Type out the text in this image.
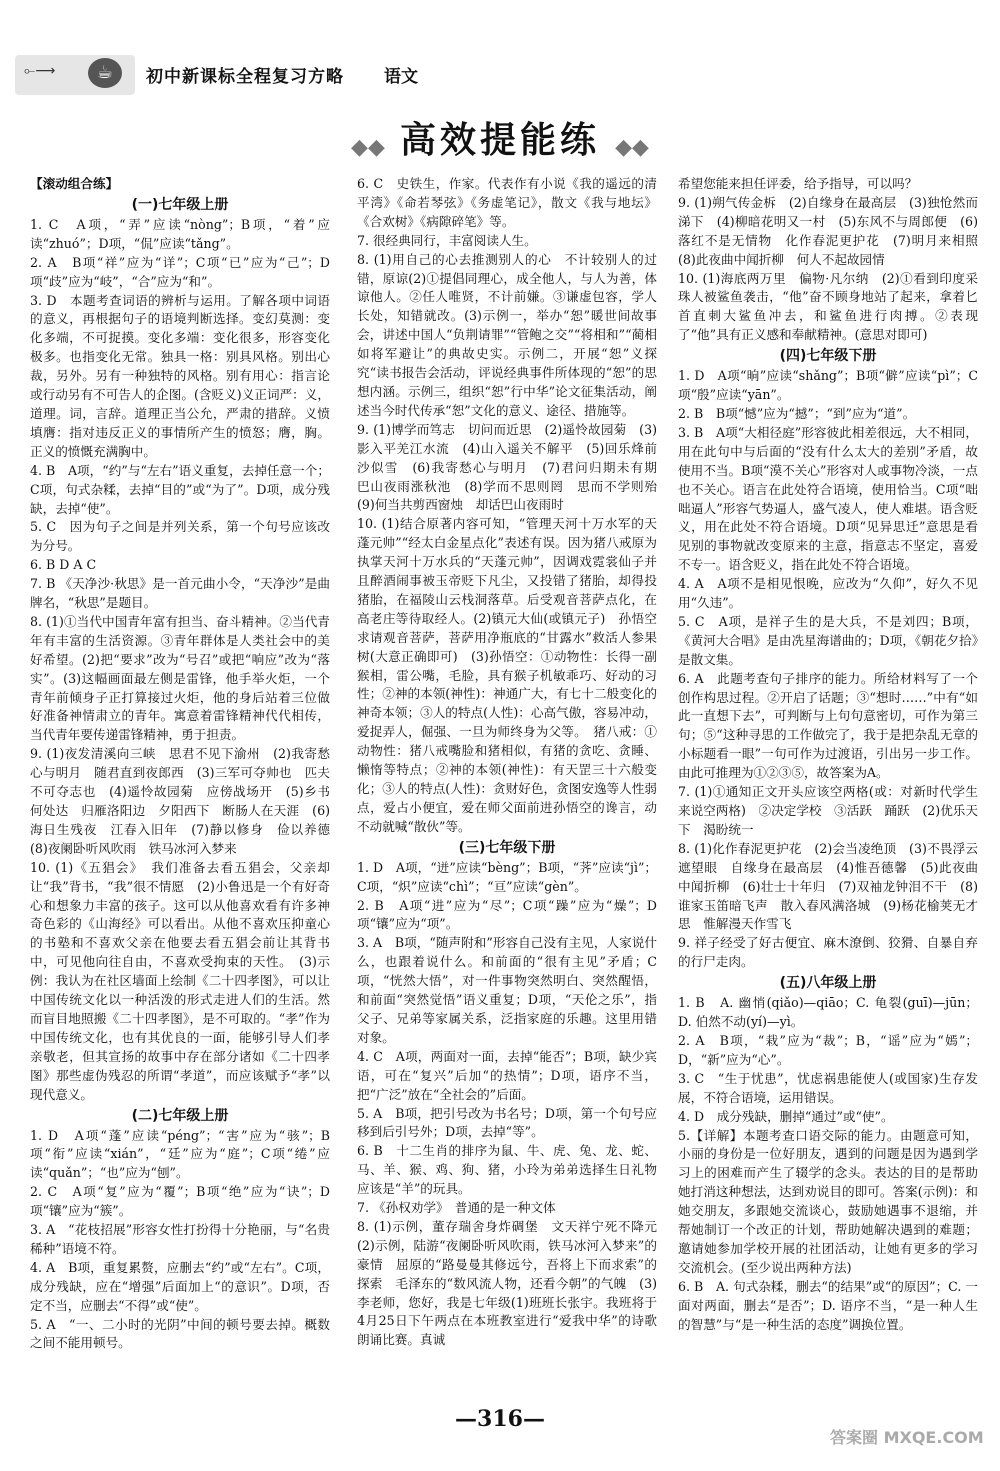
⟜⟶	☕	初中新课标全程复习方略 语文
◆◆ 高效提能练 ◆◆
【滚动组合练】
(一)七年级上册

1. C　A项，“弄”应读“nòng”；B项，“着”应读“zhuó”；D项，“侃”应读“tǎng”。

2. A　B项“祥”应为“详”；C项“已”应为“己”；D项“歧”应为“岐”，“合”应为“和”。

3. D　本题考查词语的辨析与运用。了解各项中词语的意义，再根据句子的语境判断选择。变幻莫测：变化多端，不可捉摸。变化多端：变化很多，形容变化极多。也指变化无常。独具一格：别具风格。别出心裁，另外。另有一种独特的风格。别有用心：指言论或行动另有不可告人的企图。(含贬义)义正词严：义，道理。词，言辞。道理正当公允，严肃的措辞。义愤填膺：指对违反正义的事情所产生的愤怒；膺，胸。正义的愤慨充满胸中。

4. B　A项，“约”与“左右”语义重复，去掉任意一个；C项，句式杂糅，去掉“目的”或“为了”。D项，成分残缺，去掉“使”。

5. C　因为句子之间是并列关系，第一个句号应该改为分号。

6. B D A C

7. B 《天净沙·秋思》是一首元曲小令，“天净沙”是曲牌名，“秋思”是题目。

8. (1)①当代中国青年富有担当、奋斗精神。②当代青年有丰富的生活资源。③青年群体是人类社会中的美好希望。(2)把“要求”改为“号召”或把“响应”改为“落实”。(3)这幅画面最左侧是雷锋，他手举火炬，一个青年前倾身子正打算接过火炬，他的身后站着三位做好准备神情肃立的青年。寓意着雷锋精神代代相传，当代青年要传递雷锋精神，勇于担责。

9. (1)夜发清溪向三峡　思君不见下渝州　(2)我寄愁心与明月　随君直到夜郎西　(3)三军可夺帅也　匹夫不可夺志也　(4)遥怜故园菊　应傍战场开　(5)乡书何处达　归雁洛阳边　夕阳西下　断肠人在天涯　(6)海日生残夜　江春入旧年　(7)静以修身　俭以养德　(8)夜阑卧听风吹雨　铁马冰河入梦来

10. (1)《五猖会》　我们准备去看五猖会，父亲却让“我”背书，“我”很不情愿　(2)小鲁迅是一个有好奇心和想象力丰富的孩子。这可以从他喜欢看有许多神奇色彩的《山海经》可以看出。从他不喜欢压抑童心的书塾和不喜欢父亲在他要去看五猖会前让其背书中，可见他向往自由，不喜欢受拘束的天性。　(3)示例：我认为在社区墙面上绘制《二十四孝图》，可以让中国传统文化以一种活泼的形式走进人们的生活。然而盲目地照搬《二十四孝图》，是不可取的。“孝”作为中国传统文化，也有其优良的一面，能够引导人们孝亲敬老，但其宣扬的故事中存在部分诸如《二十四孝图》那些虚伪残忍的所谓“孝道”，而应该赋予“孝”以现代意义。

(二)七年级上册

1. D　A项“蓬”应读“péng”；“害”应为“骇”；B项“衔”应读“xián”，“廷”应为“庭”；C项“绻”应读“quǎn”；“也”应为“刨”。

2. C　A项“复”应为“覆”；B项“绝”应为“诀”；D项“镶”应为“簇”。

3. A　“花枝招展”形容女性打扮得十分艳丽，与“名贵稀种”语境不符。

4. A　B项，重复累赘，应删去“约”或“左右”。C项，成分残缺，应在“增强”后面加上“的意识”。D项，否定不当，应删去“不得”或“使”。

5. A　“一、二小时的光阴”中间的顿号要去掉。概数之间不能用顿号。

6. C　史铁生，作家。代表作有小说《我的遥远的清平湾》《命若琴弦》《务虚笔记》，散文《我与地坛》《合欢树》《病隙碎笔》等。

7. 很经典同行，丰富阅读人生。

8. (1)用自己的心去推测别人的心　不计较别人的过错，原谅(2)①提倡同理心，成全他人，与人为善，体谅他人。②任人唯贤，不计前嫌。③谦虚包容，学人长处，知错就改。(3)示例一，举办“恕”暖世间故事会，讲述中国人“负荆请罪”“管鲍之交”“将相和”“蔺相如将军避让”的典故史实。示例二，开展“恕”义探究“读书报告会活动，评说经典事件所体现的“恕”的思想内涵。示例三，组织“恕”行中华”论文征集活动，阐述当今时代传承“恕”文化的意义、途径、措施等。

9. (1)博学而笃志　切问而近思　(2)遥怜故园菊　(3)影入平羌江水流　(4)山入遥关不解平　(5)回乐烽前沙似雪　(6)我寄愁心与明月　(7)君问归期未有期　巴山夜雨涨秋池　(8)学而不思则罔　思而不学则殆　(9)何当共剪西窗烛　却话巴山夜雨时

10. (1)结合原著内容可知，“管理天河十万水军的天蓬元帅”“经太白金星点化”表述有误。因为猪八戒原为执掌天河十万水兵的“天蓬元帅”，因调戏霓裳仙子并且醉酒闹事被玉帝贬下凡尘，又投错了猪胎，却得投猪胎，在福陵山云栈洞落草。后受观音菩萨点化，在高老庄等待取经人。(2)镇元大仙(或镇元子)　孙悟空求请观音菩萨，菩萨用净瓶底的“甘露水”救活人参果树(大意正确即可)　(3)孙悟空：①动物性：长得一副猴相，雷公嘴，毛脸，具有猴子机敏乖巧、好动的习性；②神的本领(神性)：神通广大，有七十二般变化的神奇本领；③人的特点(人性)：心高气傲，容易冲动，爱捉弄人，倔强、一旦为师终身为父等。　猪八戒：①动物性：猪八戒嘴脸和猪相似，有猪的贪吃、贪睡、懒惰等特点；②神的本领(神性)：有天罡三十六般变化；③人的特点(人性)：贪财好色，贪图安逸等人性弱点，爱占小便宜，爱在师父面前进孙悟空的谗言，动不动就喊“散伙”等。

(三)七年级下册

1. D　A项，“迸”应读“bèng”；B项，“荠”应读“jì”；C项，“炽”应读“chì”；“亘”应读“gèn”。

2. B　A项“进”应为“尽”；C项“躁”应为“燥”；D项“镶”应为“项”。

3. A　B项，“随声附和”形容自己没有主见，人家说什么，也跟着说什么。和前面的“很有主见”矛盾；C项，“恍然大悟”，对一件事物突然明白、突然醒悟，和前面“突然觉悟”语义重复；D项，“天伦之乐”，指父子、兄弟等家属关系，泛指家庭的乐趣。这里用错对象。

4. C　A项，两面对一面，去掉“能否”；B项，缺少宾语，可在“复兴”后加“的热情”；D项，语序不当，把“广泛”放在“全社会的”后面。

5. A　B项，把引号改为书名号；D项，第一个句号应移到后引号外；D项，去掉“等”。

6. B　十二生肖的排序为鼠、牛、虎、兔、龙、蛇、马、羊、猴、鸡、狗、猪，小玲为弟弟选择生日礼物应该是“羊”的玩具。

7. 《孙权劝学》　普通的是一种文体

8. (1)示例，董存瑞舍身炸碉堡　文天祥宁死不降元　(2)示例，陆游“夜阑卧听风吹雨，铁马冰河入梦来”的豪情　屈原的“路曼曼其修远兮，吾将上下而求索”的探索　毛泽东的“数风流人物，还看今朝”的气魄　(3)李老师，您好，我是七年级(1)班班长张宇。我班将于4月25日下午两点在本班教室进行“爱我中华”的诗歌朗诵比赛。真诚

希望您能来担任评委，给予指导，可以吗？

9. (1)朔气传金柝　(2)自缘身在最高层　(3)独怆然而涕下　(4)柳暗花明又一村　(5)东风不与周郎便　(6)落红不是无情物　化作春泥更护花　(7)明月来相照　(8)此夜曲中闻折柳　何人不起故园情

10. (1)海底两万里　偏物·凡尔纳　(2)①看到印度采珠人被鲨鱼袭击，“他”奋不顾身地站了起来，拿着匕首直刺大鲨鱼冲去，和鲨鱼进行肉搏。②表现了“他”具有正义感和奉献精神。(意思对即可)

(四)七年级下册

1. D　A项“晌”应读“shǎng”；B项“僻”应读“pì”；C项“殷”应读“yān”。

2. B　B项“憾”应为“撼”；“到”应为“道”。

3. B　A项“大相径庭”形容彼此相差很远，大不相同，用在此句中与后面的“没有什么太大的差别”矛盾，故使用不当。B项“漠不关心”形容对人或事物冷淡，一点也不关心。语言在此处符合语境，使用恰当。C项“咄咄逼人”形容气势逼人，盛气凌人，使人难堪。语含贬义，用在此处不符合语境。D项“见异思迁”意思是看见别的事物就改变原来的主意，指意志不坚定，喜爱不专一。语含贬义，指在此处不符合语境。

4. A　A项不是相见恨晚，应改为“久仰”，好久不见用“久违”。

5. C　A项，是祥子生的是大兵，不是刘四；B项，《黄河大合唱》是由冼星海谱曲的；D项，《朝花夕拾》是散文集。

6. A　此题考查句子排序的能力。所给材料写了一个创作构思过程。②开启了话题；③“想时……”中有“如此一直想下去”，可判断与上句句意密切，可作为第三句；⑤“这种寻思的工作做完了，我于是把杂乱无章的小标题看一眼”一句可作为过渡语，引出另一步工作。由此可推理为①②③⑤，故答案为A。

7. (1)①通知正文开头应该空两格(或：对新时代学生来说空两格)　②决定学校　③活跃　踊跃　(2)优乐天下　渴盼统一

8. (1)化作春泥更护花　(2)会当凌绝顶　(3)不畏浮云遮望眼　自缘身在最高层　(4)惟吾德馨　(5)此夜曲中闻折柳　(6)壮士十年归　(7)双袖龙钟泪不干　(8)谁家玉笛暗飞声　散入春风满洛城　(9)杨花榆荚无才思　惟解漫天作雪飞

9. 祥子经受了好古便宜、麻木潦倒、狡猾、自暴自弃的行尸走肉。

(五)八年级上册

1. B　A. 幽悄(qiǎo)—qiāo；C. 龟裂(guī)—jūn；D. 伯然不动(yí)—yì。

2. A　B项，“栽”应为“裁”；B，“谣”应为“嫣”；D，“新”应为“心”。

3. C　“生于忧患”，忧虑祸患能使人(或国家)生存发展，不符合语境，运用错误。

4. D　成分残缺，删掉“通过”或“使”。

5.【详解】本题考查口语交际的能力。由题意可知，小丽的身份是一位好朋友，遇到的问题是因为遇到学习上的困难而产生了辍学的念头。表达的目的是帮助她打消这种想法，达到劝说目的即可。答案(示例)：和她交朋友，多跟她交流谈心，鼓励她遇事不退缩，并帮她制订一个改正的计划，帮助她解决遇到的难题；邀请她参加学校开展的社团活动，让她有更多的学习交流机会。(至少说出两种方法)

6. B　A. 句式杂糅，删去“的结果”或“的原因”；C. 一面对两面，删去“是否”；D. 语序不当，“是一种人生的智慧”与“是一种生活的态度”调换位置。

—316—
答案圈 MXQE.COM
